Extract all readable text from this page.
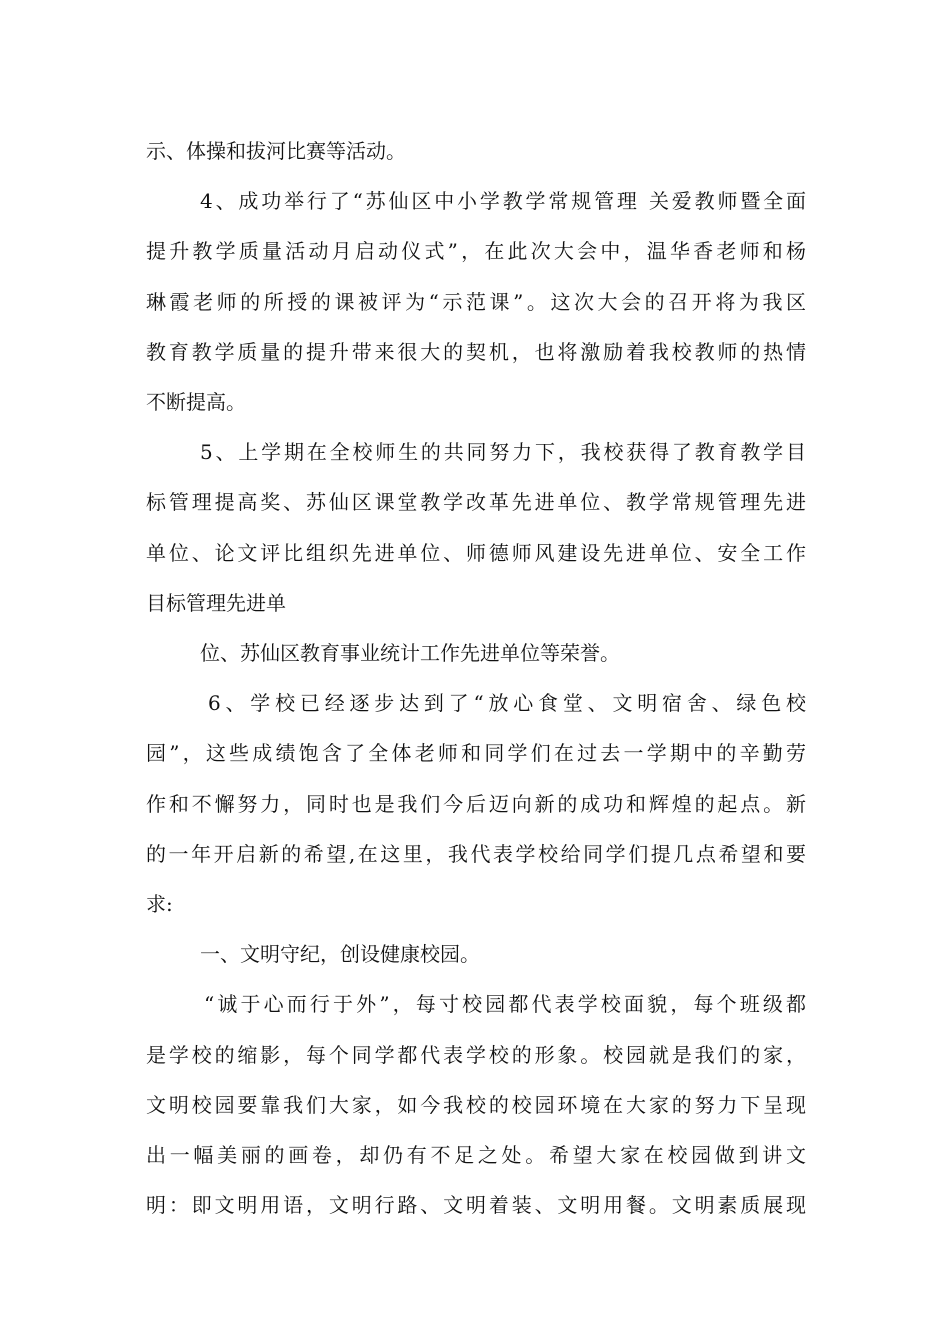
示、体操和拔河比赛等活动。
4、成功举行了“苏仙区中小学教学常规管理 关爱教师暨全面
提升教学质量活动月启动仪式”，在此次大会中，温华香老师和杨
琳霞老师的所授的课被评为“示范课”。这次大会的召开将为我区
教育教学质量的提升带来很大的契机，也将激励着我校教师的热情
不断提高。
5、上学期在全校师生的共同努力下，我校获得了教育教学目
标管理提高奖、苏仙区课堂教学改革先进单位、教学常规管理先进
单位、论文评比组织先进单位、师德师风建设先进单位、安全工作
目标管理先进单
位、苏仙区教育事业统计工作先进单位等荣誉。
6、学校已经逐步达到了“放心食堂、文明宿舍、绿色校
园”，这些成绩饱含了全体老师和同学们在过去一学期中的辛勤劳
作和不懈努力，同时也是我们今后迈向新的成功和辉煌的起点。新
的一年开启新的希望,在这里，我代表学校给同学们提几点希望和要
求:
一、文明守纪，创设健康校园。
“诚于心而行于外”，每寸校园都代表学校面貌，每个班级都
是学校的缩影，每个同学都代表学校的形象。校园就是我们的家，
文明校园要靠我们大家，如今我校的校园环境在大家的努力下呈现
出一幅美丽的画卷，却仍有不足之处。希望大家在校园做到讲文
明：即文明用语，文明行路、文明着装、文明用餐。文明素质展现
